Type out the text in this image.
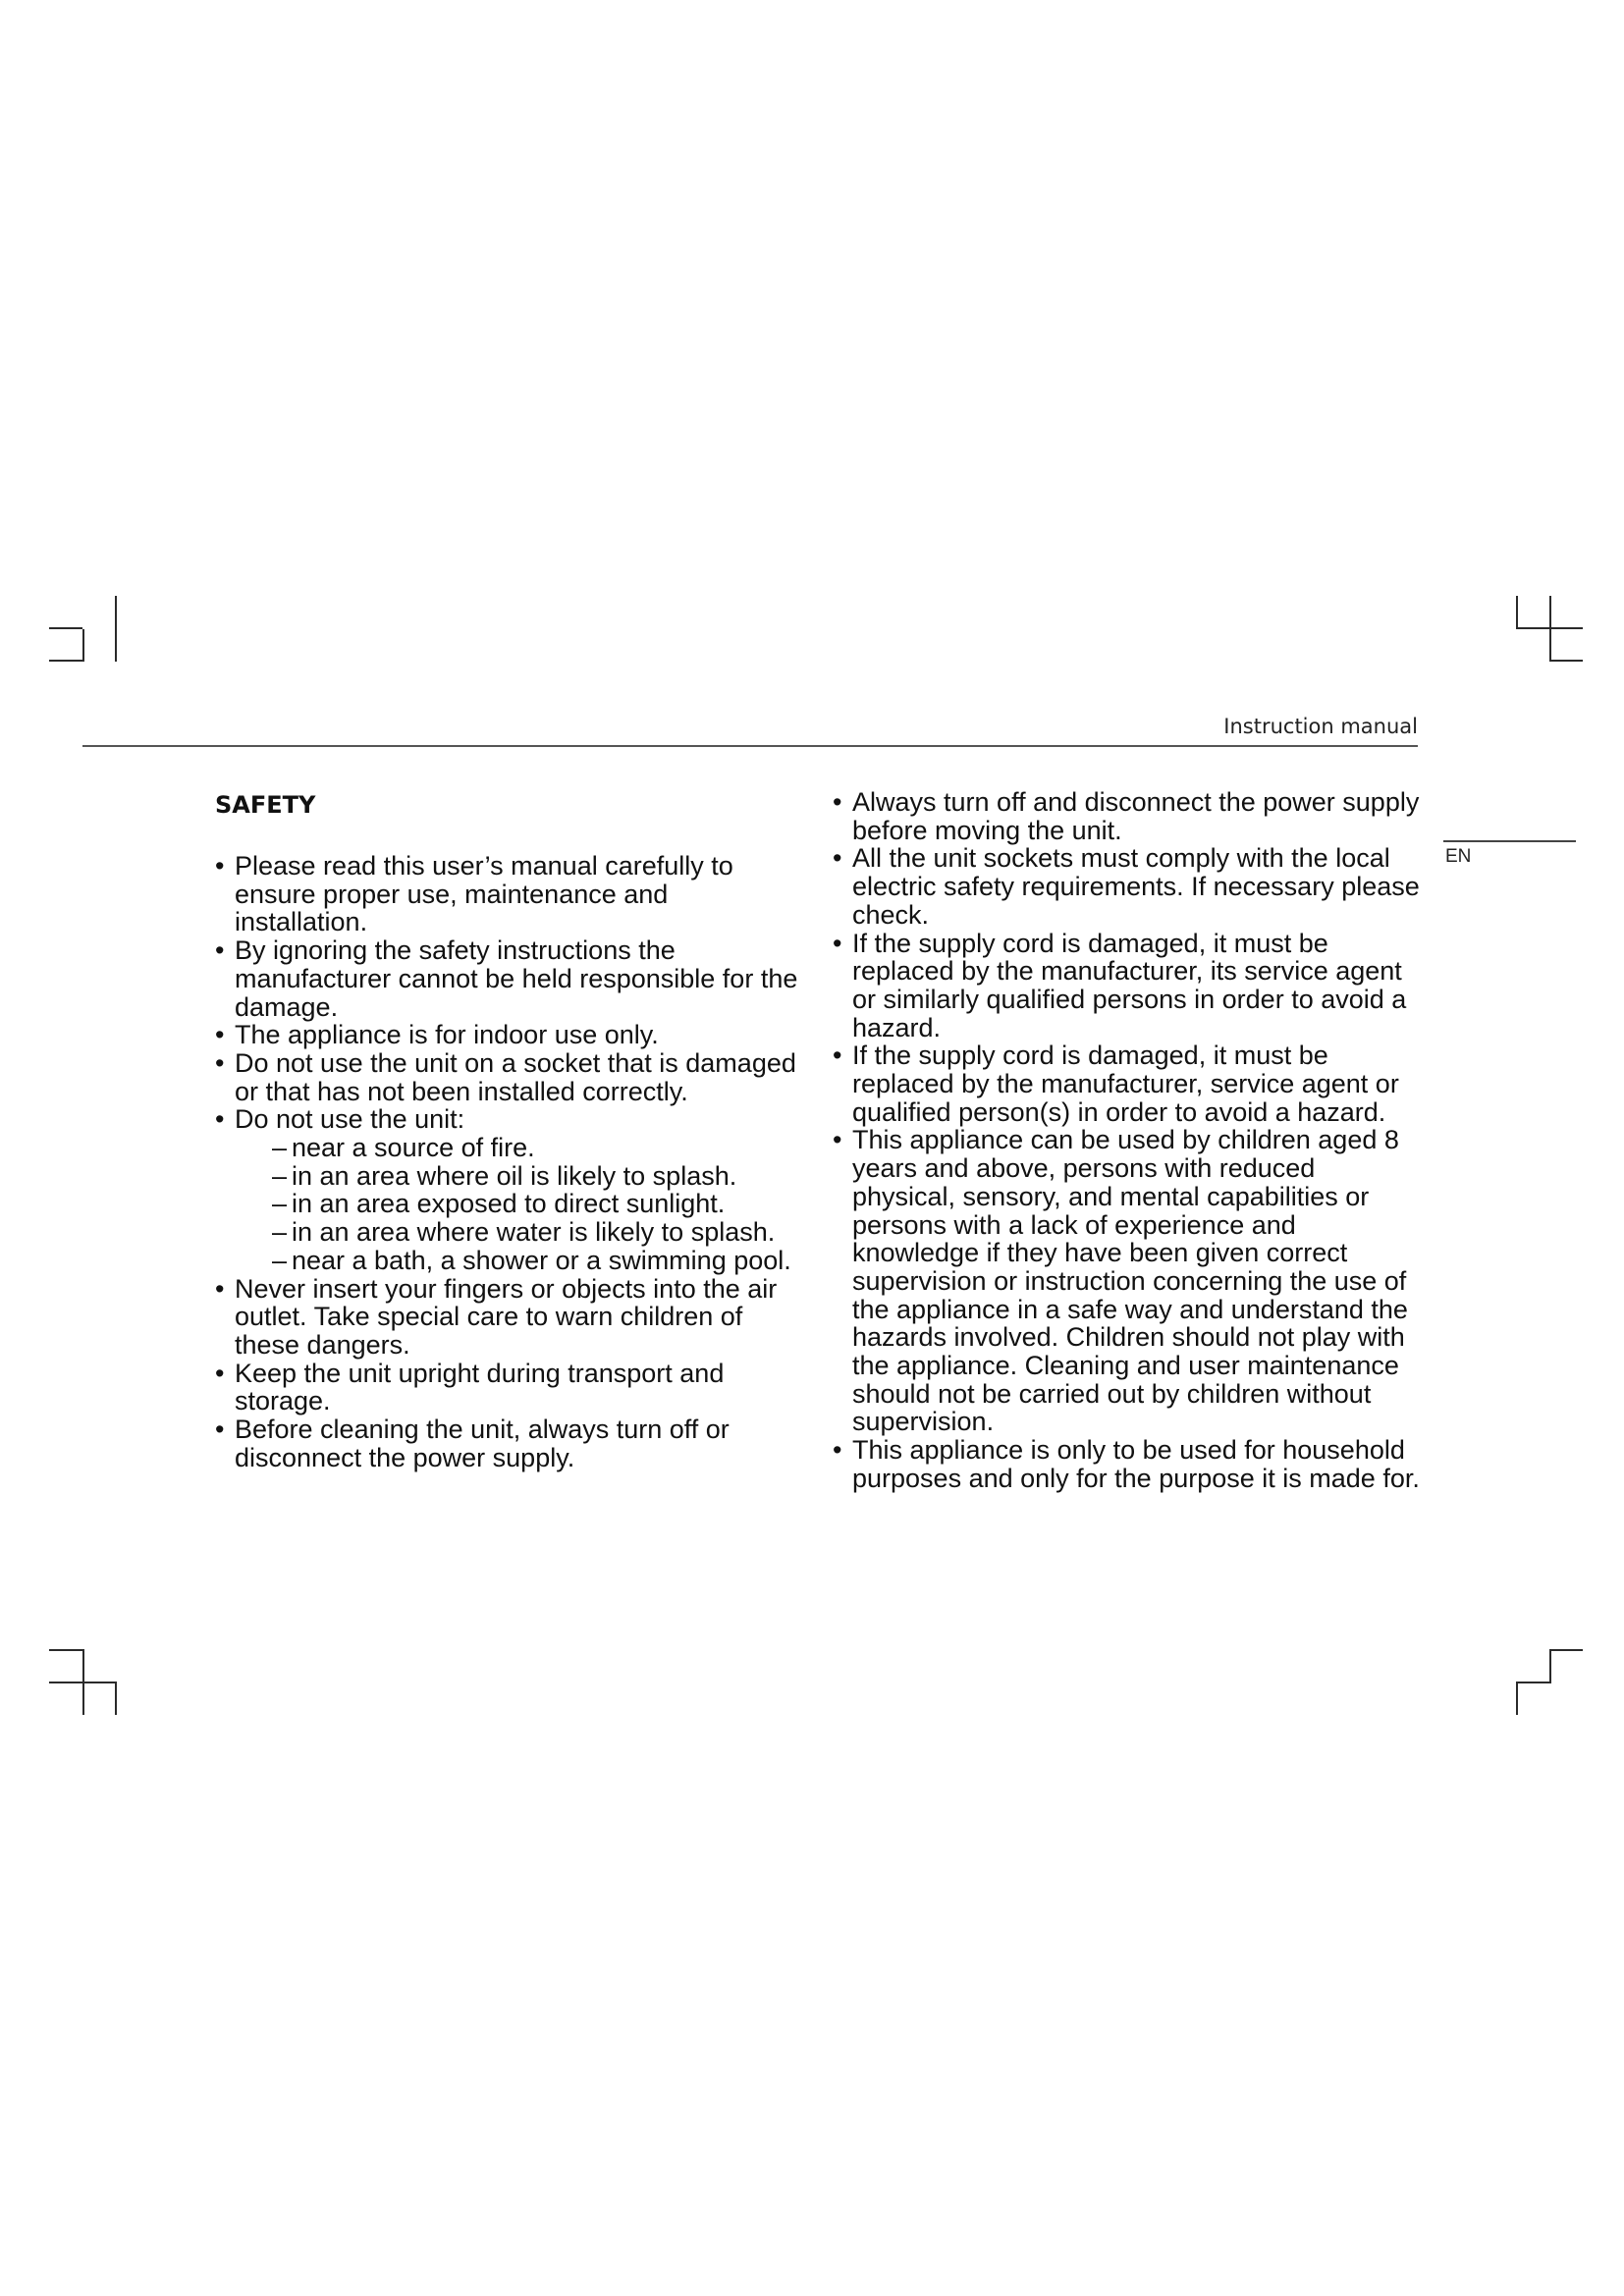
Instruction manual
EN
SAFETY
• Please read this user’s manual carefully to ensure proper use, maintenance and installation.
• By ignoring the safety instructions the manufacturer cannot be held responsible for the damage.
• The appliance is for indoor use only.
• Do not use the unit on a socket that is damaged or that has not been installed correctly.
• Do not use the unit:
– near a source of fire.
– in an area where oil is likely to splash.
– in an area exposed to direct sunlight.
– in an area where water is likely to splash.
– near a bath, a shower or a swimming pool.
• Never insert your fingers or objects into the air outlet. Take special care to warn children of these dangers.
• Keep the unit upright during transport and storage.
• Before cleaning the unit, always turn off or disconnect the power supply.
• Always turn off and disconnect the power supply before moving the unit.
• All the unit sockets must comply with the local electric safety requirements. If necessary please check.
• If the supply cord is damaged, it must be replaced by the manufacturer, its service agent or similarly qualified persons in order to avoid a hazard.
• If the supply cord is damaged, it must be replaced by the manufacturer, service agent or qualified person(s) in order to avoid a hazard.
• This appliance can be used by children aged 8 years and above, persons with reduced physical, sensory, and mental capabilities or persons with a lack of experience and knowledge if they have been given correct supervision or instruction concerning the use of the appliance in a safe way and understand the hazards involved. Children should not play with the appliance. Cleaning and user maintenance should not be carried out by children without supervision.
• This appliance is only to be used for household purposes and only for the purpose it is made for.
